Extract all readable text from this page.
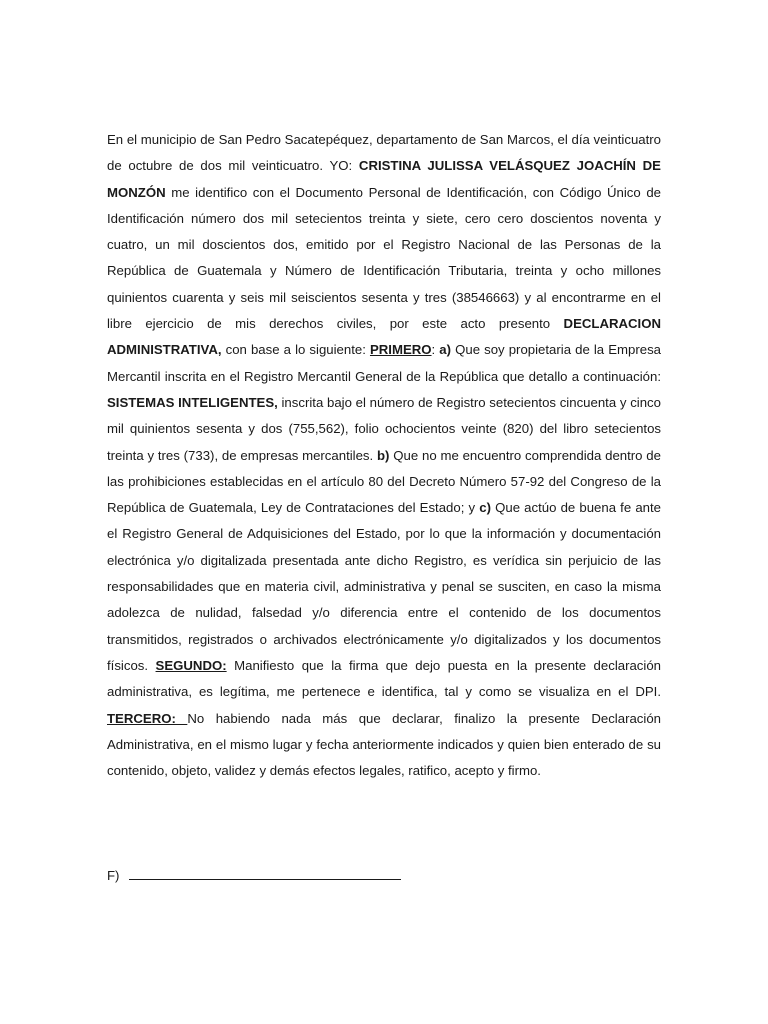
En el municipio de San Pedro Sacatepéquez, departamento de San Marcos, el día veinticuatro de octubre de dos mil veinticuatro. YO: CRISTINA JULISSA VELÁSQUEZ JOACHÍN DE MONZÓN me identifico con el Documento Personal de Identificación, con Código Único de Identificación número dos mil setecientos treinta y siete, cero cero doscientos noventa y cuatro, un mil doscientos dos, emitido por el Registro Nacional de las Personas de la República de Guatemala y Número de Identificación Tributaria, treinta y ocho millones quinientos cuarenta y seis mil seiscientos sesenta y tres (38546663) y al encontrarme en el libre ejercicio de mis derechos civiles, por este acto presento DECLARACION ADMINISTRATIVA, con base a lo siguiente: PRIMERO: a) Que soy propietaria de la Empresa Mercantil inscrita en el Registro Mercantil General de la República que detallo a continuación: SISTEMAS INTELIGENTES, inscrita bajo el número de Registro setecientos cincuenta y cinco mil quinientos sesenta y dos (755,562), folio ochocientos veinte (820) del libro setecientos treinta y tres (733), de empresas mercantiles. b) Que no me encuentro comprendida dentro de las prohibiciones establecidas en el artículo 80 del Decreto Número 57-92 del Congreso de la República de Guatemala, Ley de Contrataciones del Estado; y c) Que actúo de buena fe ante el Registro General de Adquisiciones del Estado, por lo que la información y documentación electrónica y/o digitalizada presentada ante dicho Registro, es verídica sin perjuicio de las responsabilidades que en materia civil, administrativa y penal se susciten, en caso la misma adolezca de nulidad, falsedad y/o diferencia entre el contenido de los documentos transmitidos, registrados o archivados electrónicamente y/o digitalizados y los documentos físicos. SEGUNDO: Manifiesto que la firma que dejo puesta en la presente declaración administrativa, es legítima, me pertenece e identifica, tal y como se visualiza en el DPI. TERCERO: No habiendo nada más que declarar, finalizo la presente Declaración Administrativa, en el mismo lugar y fecha anteriormente indicados y quien bien enterado de su contenido, objeto, validez y demás efectos legales, ratifico, acepto y firmo.

F)
